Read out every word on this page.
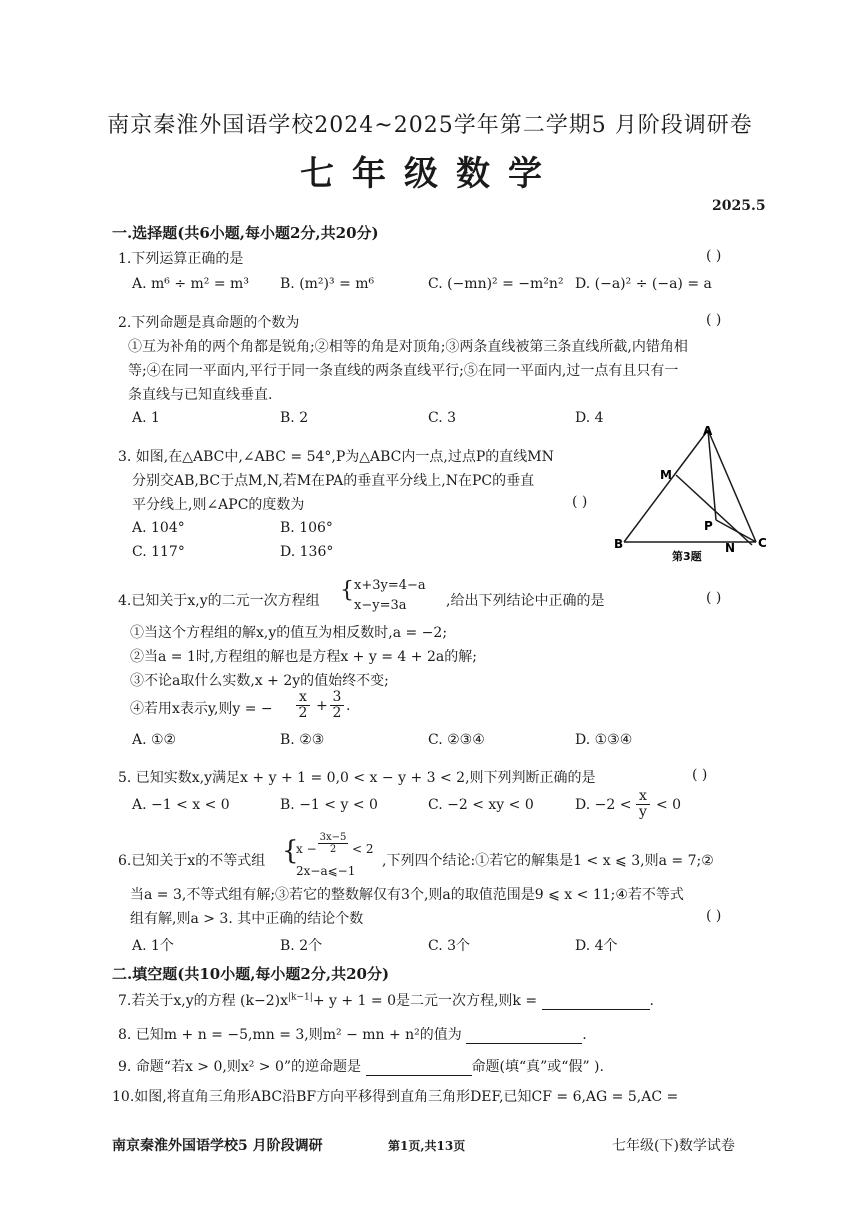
南京秦淮外国语学校2024~2025学年第二学期5 月阶段调研卷
七年级数学
2025.5
一.选择题(共6小题,每小题2分,共20分)
1.下列运算正确的是	( )
A. m⁶ ÷ m² = m³ B. (m²)³ = m⁶	C. (−mn)² = −m²n² D. (−a)² ÷ (−a) = a
2.下列命题是真命题的个数为	( )
①互为补角的两个角都是锐角;②相等的角是对顶角;③两条直线被第三条直线所截,内错角相
等;④在同一平面内,平行于同一条直线的两条直线平行;⑤在同一平面内,过一点有且只有一
条直线与已知直线垂直.
A. 1	B. 2	C. 3	D. 4
3. 如图,在△ABC中,∠ABC = 54°,P为△ABC内一点,过点P的直线MN
分别交AB,BC于点M,N,若M在PA的垂直平分线上,N在PC的垂直
平分线上,则∠APC的度数为	( )
A. 104°	B. 106°
C. 117°	D. 136°
A
M
P
B	N C
第3题
4.已知关于x,y的二元一次方程组 { x+3y=4−a
x−y=3a	,给出下列结论中正确的是	( )
①当这个方程组的解x,y的值互为相反数时,a = −2;
②当a = 1时,方程组的解也是方程x + y = 4 + 2a的解;
③不论a取什么实数,x + 2y的值始终不变;
④若用x表示y,则y = −
x
2 +
3
2 .
A. ①②	B. ②③	C. ②③④	D. ①③④
5. 已知实数x,y满足x + y + 1 = 0,0 < x − y + 3 < 2,则下列判断正确的是	( )
A. −1 < x < 0	B. −1 < y < 0	C. −2 < xy < 0	D. −2 <
x
y < 0
6.已知关于x的不等式组 {
x −
3x−5
2	< 2
2x−a⩽−1
,下列四个结论:①若它的解集是1 < x ⩽ 3,则a = 7;②
当a = 3,不等式组有解;③若它的整数解仅有3个,则a的取值范围是9 ⩽ x < 11;④若不等式
组有解,则a > 3. 其中正确的结论个数	( )
A. 1个	B. 2个	C. 3个	D. 4个
二.填空题(共10小题,每小题2分,共20分)
7.若关于x,y的方程 $(k-2)x^{|k-1|}+ y + 1 = 0$是二元一次方程,则k =	.
8. 已知m + n = −5,mn = 3,则m² − mn + n²的值为	.
9. 命题“若x > 0,则x² > 0”的逆命题是	命题(填“真”或“假” ).
10.如图,将直角三角形ABC沿BF方向平移得到直角三角形DEF,已知CF = 6,AG = 5,AC =
南京秦淮外国语学校5 月阶段调研	第1页,共13页	七年级(下)数学试卷
